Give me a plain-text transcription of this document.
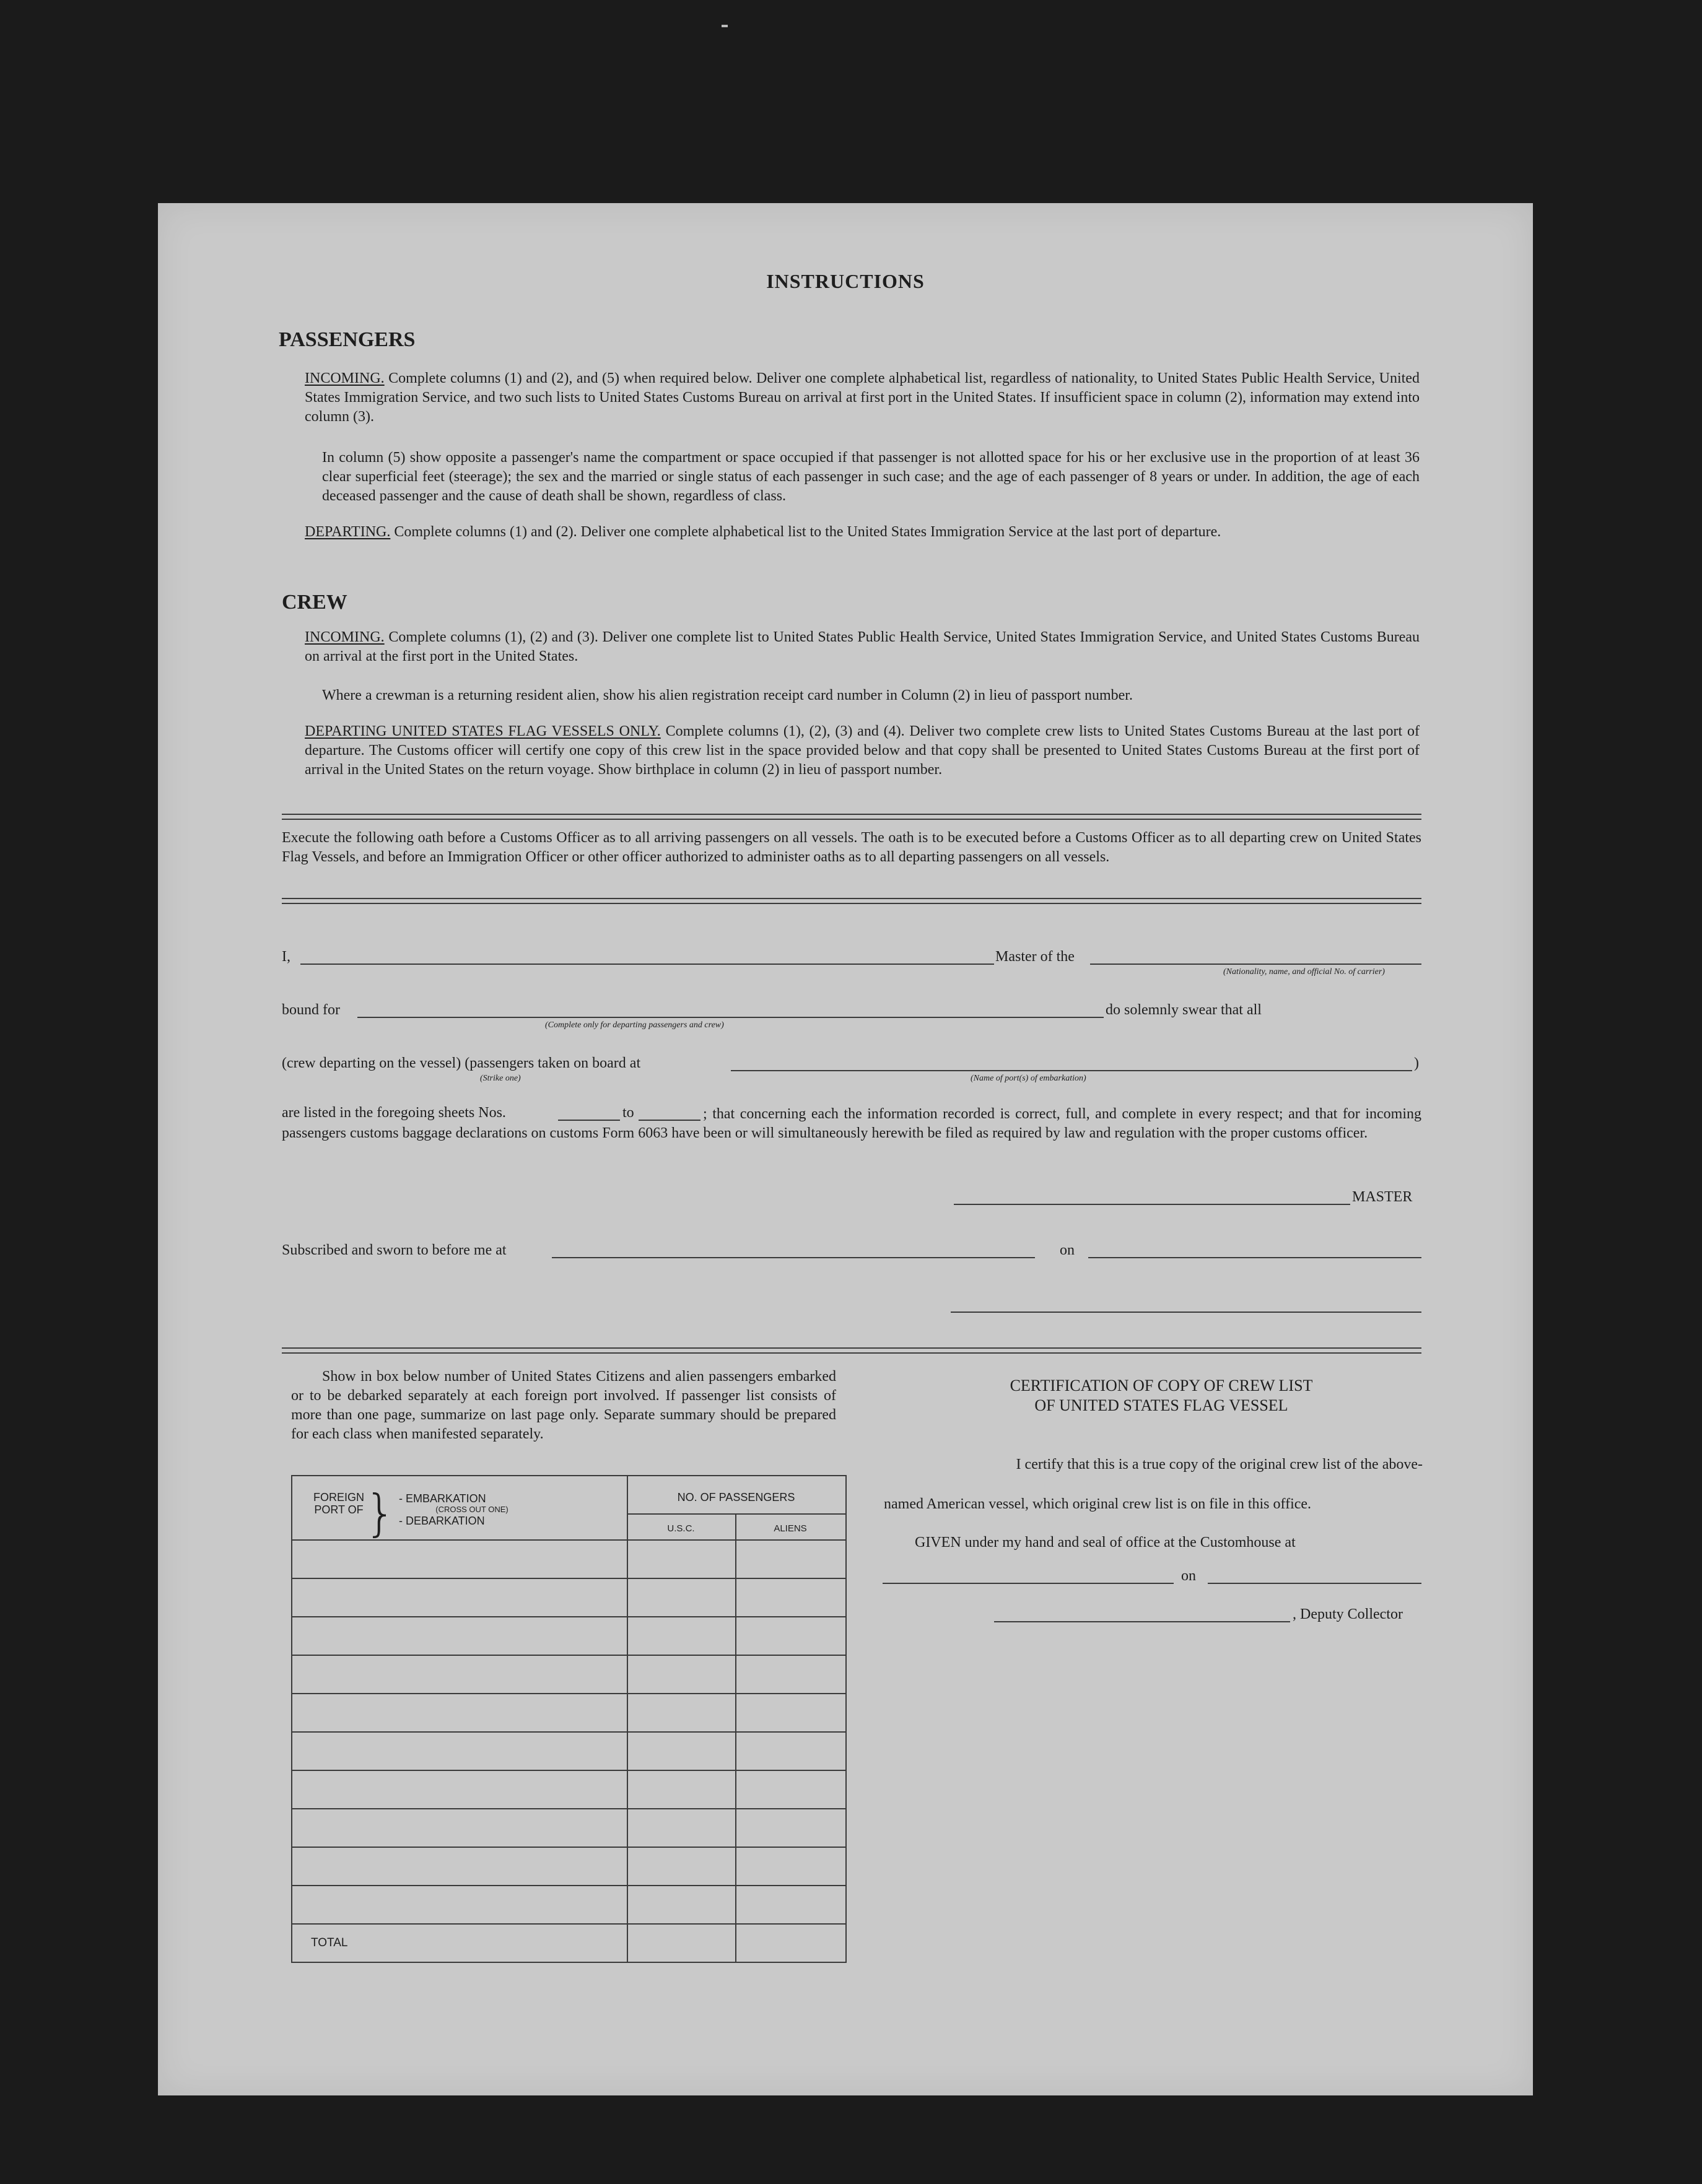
INSTRUCTIONS
PASSENGERS
INCOMING. Complete columns (1) and (2), and (5) when required below. Deliver one complete alphabetical list, regardless of nationality, to United States Public Health Service, United States Immigration Service, and two such lists to United States Customs Bureau on arrival at first port in the United States. If insufficient space in column (2), information may extend into column (3).
In column (5) show opposite a passenger's name the compartment or space occupied if that passenger is not allotted space for his or her exclusive use in the proportion of at least 36 clear superficial feet (steerage); the sex and the married or single status of each passenger in such case; and the age of each passenger of 8 years or under. In addition, the age of each deceased passenger and the cause of death shall be shown, regardless of class.
DEPARTING. Complete columns (1) and (2). Deliver one complete alphabetical list to the United States Immigration Service at the last port of departure.
CREW
INCOMING. Complete columns (1), (2) and (3). Deliver one complete list to United States Public Health Service, United States Immigration Service, and United States Customs Bureau on arrival at the first port in the United States.
Where a crewman is a returning resident alien, show his alien registration receipt card number in Column (2) in lieu of passport number.
DEPARTING UNITED STATES FLAG VESSELS ONLY. Complete columns (1), (2), (3) and (4). Deliver two complete crew lists to United States Customs Bureau at the last port of departure. The Customs officer will certify one copy of this crew list in the space provided below and that copy shall be presented to United States Customs Bureau at the first port of arrival in the United States on the return voyage. Show birthplace in column (2) in lieu of passport number.
Execute the following oath before a Customs Officer as to all arriving passengers on all vessels. The oath is to be executed before a Customs Officer as to all departing crew on United States Flag Vessels, and before an Immigration Officer or other officer authorized to administer oaths as to all departing passengers on all vessels.
I,	Master of the
(Nationality, name, and official No. of carrier)
bound for
(Complete only for departing passengers and crew)
do solemnly swear that all
(crew departing on the vessel) (passengers taken on board at
(Strike one)
)
(Name of port(s) of embarkation)
are listed in the foregoing sheets Nos.	to	; that concerning each the information recorded is correct, full, and complete in every respect; and that for incoming passengers customs baggage declarations on customs Form 6063 have been or will simultaneously herewith be filed as required by law and regulation with the proper customs officer.
MASTER
Subscribed and sworn to before me at	on
Show in box below number of United States Citizens and alien passengers embarked or to be debarked separately at each foreign port involved. If passenger list consists of more than one page, summarize on last page only. Separate summary should be prepared for each class when manifested separately.
FOREIGN PORT OF } - EMBARKATION
(CROSS OUT ONE)
- DEBARKATION
NO. OF PASSENGERS
U.S.C.	ALIENS
TOTAL
CERTIFICATION OF COPY OF CREW LIST
OF UNITED STATES FLAG VESSEL
I certify that this is a true copy of the original crew list of the above-
named American vessel, which original crew list is on file in this office.
GIVEN under my hand and seal of office at the Customhouse at
on
, Deputy Collector
